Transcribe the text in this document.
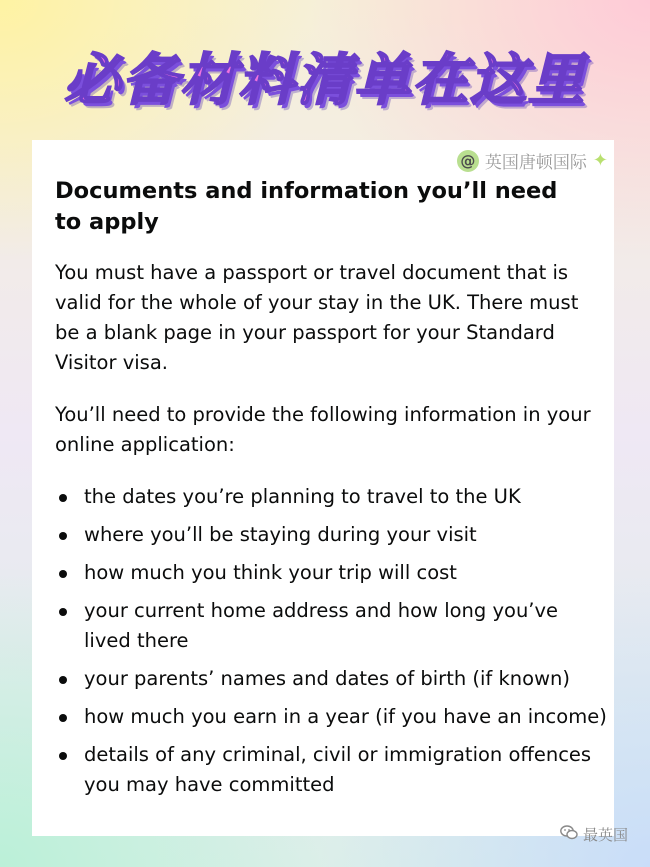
必备材料清单在这里
@ 英国唐顿国际 ✦
Documents and information you’ll need to apply

You must have a passport or travel document that is valid for the whole of your stay in the UK. There must be a blank page in your passport for your Standard Visitor visa.

You’ll need to provide the following information in your online application:

the dates you’re planning to travel to the UK
where you’ll be staying during your visit
how much you think your trip will cost
your current home address and how long you’ve lived there
your parents’ names and dates of birth (if known)
how much you earn in a year (if you have an income)
details of any criminal, civil or immigration offences you may have committed
最英国
